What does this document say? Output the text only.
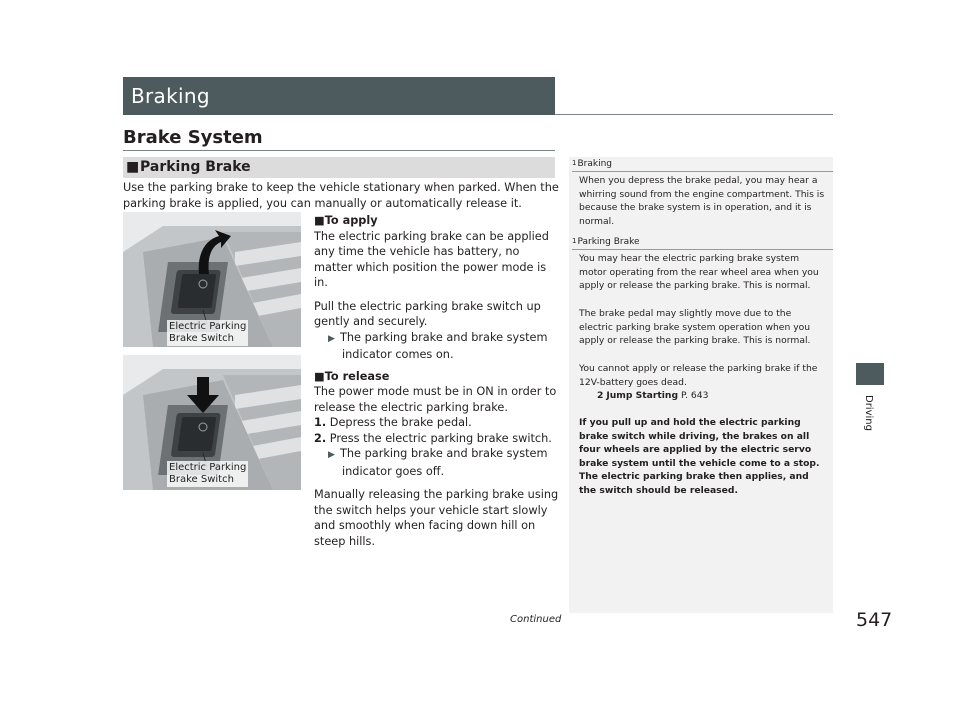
Braking
Brake System
■ Parking Brake
Use the parking brake to keep the vehicle stationary when parked. When the parking brake is applied, you can manually or automatically release it.
Electric Parking
Brake Switch
Electric Parking
Brake Switch
■To apply
The electric parking brake can be applied any time the vehicle has battery, no matter which position the power mode is in.
Pull the electric parking brake switch up gently and securely.
▶ The parking brake and brake system indicator comes on.
■To release
The power mode must be in ON in order to release the electric parking brake.
1. Depress the brake pedal.
2. Press the electric parking brake switch.
▶ The parking brake and brake system indicator goes off.
Manually releasing the parking brake using the switch helps your vehicle start slowly and smoothly when facing down hill on steep hills.
$^1$Braking
When you depress the brake pedal, you may hear a whirring sound from the engine compartment. This is because the brake system is in operation, and it is normal.
$^1$Parking Brake
You may hear the electric parking brake system motor operating from the rear wheel area when you apply or release the parking brake. This is normal.
The brake pedal may slightly move due to the electric parking brake system operation when you apply or release the parking brake. This is normal.
You cannot apply or release the parking brake if the 12V-battery goes dead.
2 Jump Starting P. 643
If you pull up and hold the electric parking brake switch while driving, the brakes on all four wheels are applied by the electric servo brake system until the vehicle come to a stop. The electric parking brake then applies, and the switch should be released.
Continued	547
Driving
